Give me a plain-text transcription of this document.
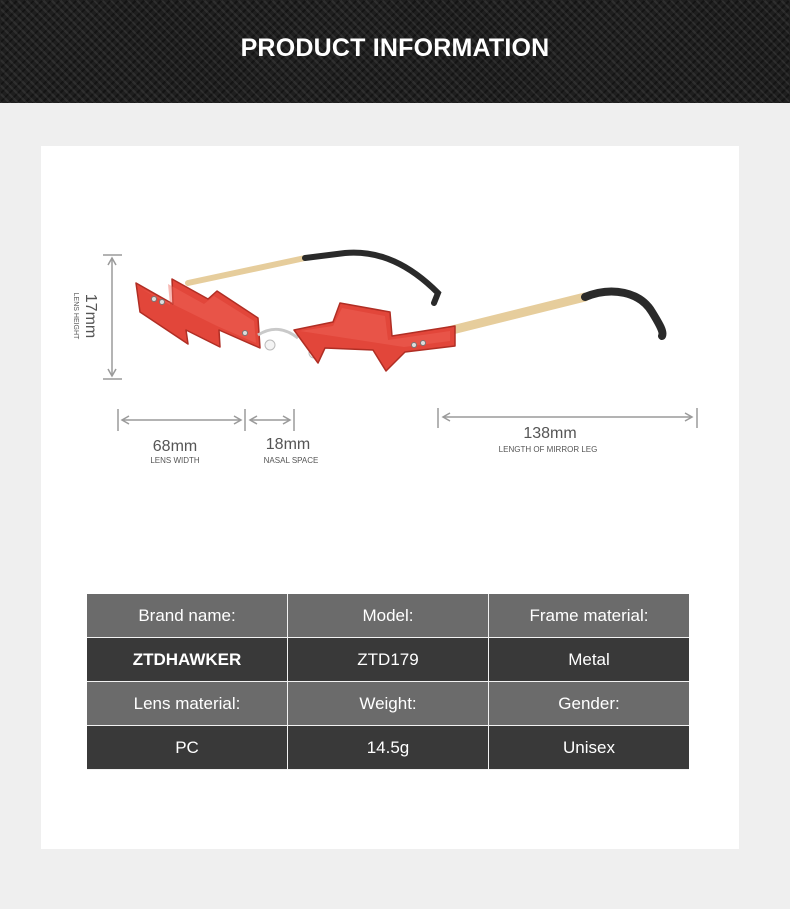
PRODUCT INFORMATION
17mm
LENS HEIGHT
68mm
LENS WIDTH
18mm
NASAL SPACE
138mm
LENGTH OF MIRROR LEG
Brand name:	Model:	Frame material:
ZTDHAWKER	ZTD179	Metal
Lens material:	Weight:	Gender:
PC	14.5g	Unisex
